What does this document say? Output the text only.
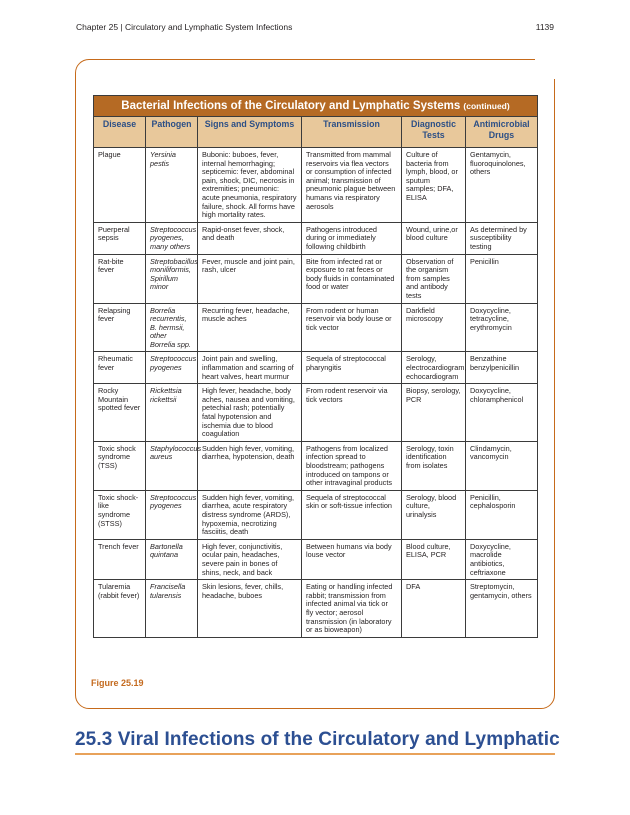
Chapter 25 | Circulatory and Lymphatic System Infections	1139
Bacterial Infections of the Circulatory and Lymphatic Systems (continued)
Disease	Pathogen	Signs and Symptoms	Transmission	Diagnostic Tests	Antimicrobial Drugs
Plague	Yersinia pestis	Bubonic: buboes, fever, internal hemorrhaging; septicemic: fever, abdominal pain, shock, DIC, necrosis in extremities; pneumonic: acute pneumonia, respiratory failure, shock. All forms have high mortality rates.	Transmitted from mammal reservoirs via flea vectors or consumption of infected animal; transmission of pneumonic plague between humans via respiratory aerosols	Culture of bacteria from lymph, blood, or sputum samples; DFA, ELISA	Gentamycin, fluoroquinolones, others
Puerperal sepsis	Streptococcus pyogenes, many others	Rapid-onset fever, shock, and death	Pathogens introduced during or immediately following childbirth	Wound, urine,or blood culture	As determined by susceptibility testing
Rat-bite fever	Streptobacillus moniliformis, Spirillum minor	Fever, muscle and joint pain, rash, ulcer	Bite from infected rat or exposure to rat feces or body fluids in contaminated food or water	Observation of the organism from samples and antibody tests	Penicillin
Relapsing fever	Borrelia recurrentis, B. hermsii, other Borrelia spp.	Recurring fever, headache, muscle aches	From rodent or human reservoir via body louse or tick vector	Darkfield microscopy	Doxycycline, tetracycline, erythromycin
Rheumatic fever	Streptococcus pyogenes	Joint pain and swelling, inflammation and scarring of heart valves, heart murmur	Sequela of streptococcal pharyngitis	Serology, electrocardiogram, echocardiogram	Benzathine benzylpenicillin
Rocky Mountain spotted fever	Rickettsia rickettsii	High fever, headache, body aches, nausea and vomiting, petechial rash; potentially fatal hypotension and ischemia due to blood coagulation	From rodent reservoir via tick vectors	Biopsy, serology, PCR	Doxycycline, chloramphenicol
Toxic shock syndrome (TSS)	Staphylococcus aureus	Sudden high fever, vomiting, diarrhea, hypotension, death	Pathogens from localized infection spread to bloodstream; pathogens introduced on tampons or other intravaginal products	Serology, toxin identification from isolates	Clindamycin, vancomycin
Toxic shock-like syndrome (STSS)	Streptococcus pyogenes	Sudden high fever, vomiting, diarrhea, acute respiratory distress syndrome (ARDS), hypoxemia, necrotizing fasciitis, death	Sequela of streptococcal skin or soft-tissue infection	Serology, blood culture, urinalysis	Penicillin, cephalosporin
Trench fever	Bartonella quintana	High fever, conjunctivitis, ocular pain, headaches, severe pain in bones of shins, neck, and back	Between humans via body louse vector	Blood culture, ELISA, PCR	Doxycycline, macrolide antibiotics, ceftriaxone
Tularemia (rabbit fever)	Francisella tularensis	Skin lesions, fever, chills, headache, buboes	Eating or handling infected rabbit; transmission from infected animal via tick or fly vector; aerosol transmission (in laboratory or as bioweapon)	DFA	Streptomycin, gentamycin, others
Figure 25.19
25.3 Viral Infections of the Circulatory and Lymphatic
